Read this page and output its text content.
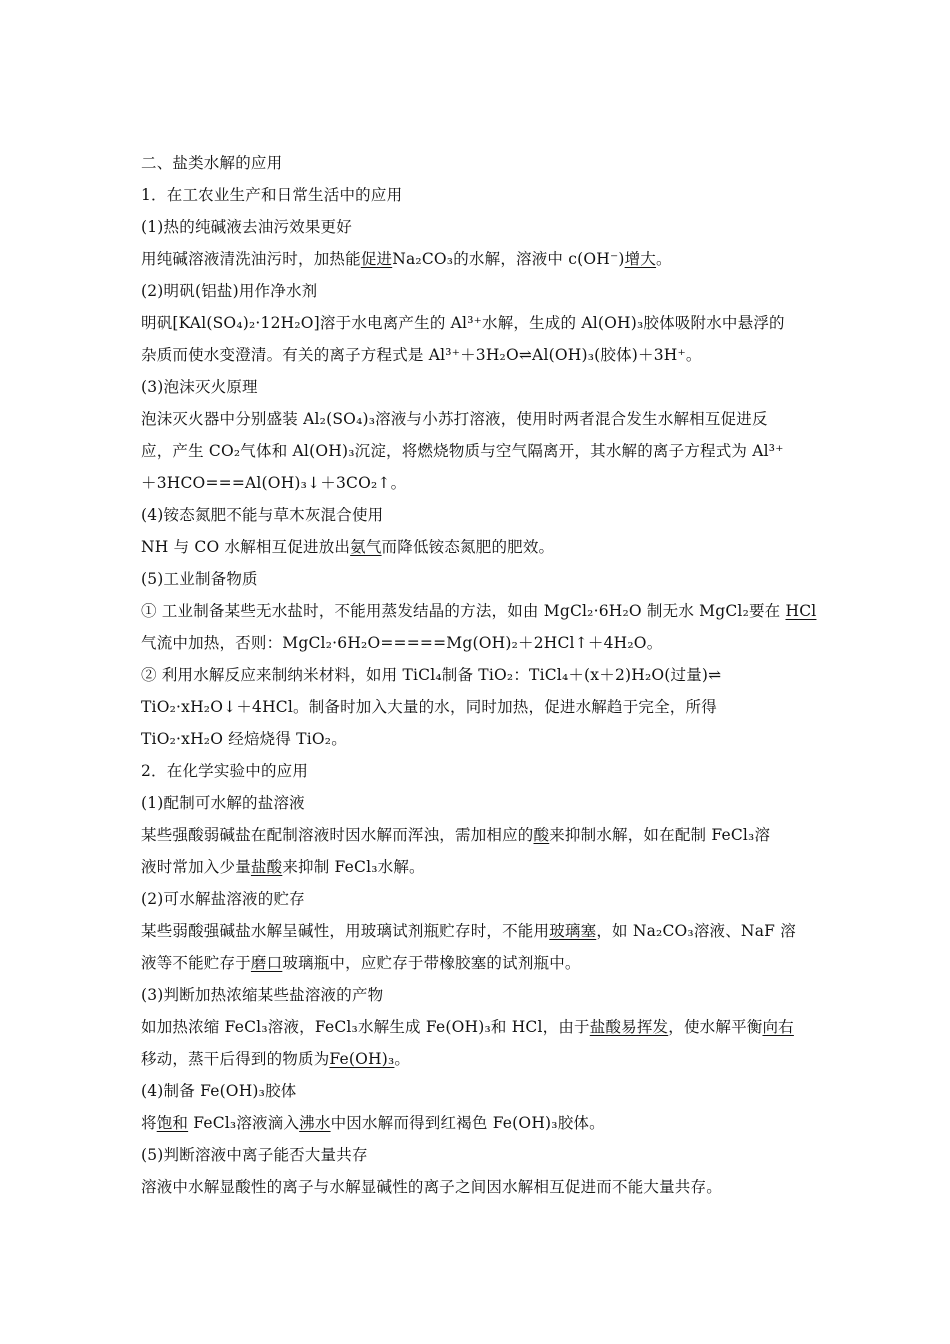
二、盐类水解的应用
1．在工农业生产和日常生活中的应用
(1)热的纯碱液去油污效果更好
用纯碱溶液清洗油污时，加热能促进Na₂CO₃的水解，溶液中 c(OH⁻)增大。
(2)明矾(铝盐)用作净水剂
明矾[KAl(SO₄)₂·12H₂O]溶于水电离产生的 Al³⁺水解，生成的 Al(OH)₃胶体吸附水中悬浮的
杂质而使水变澄清。有关的离子方程式是 Al³⁺＋3H₂O⇌Al(OH)₃(胶体)＋3H⁺。
(3)泡沫灭火原理
泡沫灭火器中分别盛装 Al₂(SO₄)₃溶液与小苏打溶液，使用时两者混合发生水解相互促进反
应，产生 CO₂气体和 Al(OH)₃沉淀，将燃烧物质与空气隔离开，其水解的离子方程式为 Al³⁺
＋3HCO===Al(OH)₃↓＋3CO₂↑。
(4)铵态氮肥不能与草木灰混合使用
NH 与 CO 水解相互促进放出氨气而降低铵态氮肥的肥效。
(5)工业制备物质
① 工业制备某些无水盐时，不能用蒸发结晶的方法，如由 MgCl₂·6H₂O 制无水 MgCl₂要在 HCl
气流中加热，否则：MgCl₂·6H₂O=====Mg(OH)₂＋2HCl↑＋4H₂O。
② 利用水解反应来制纳米材料，如用 TiCl₄制备 TiO₂：TiCl₄＋(x＋2)H₂O(过量)⇌
TiO₂·xH₂O↓＋4HCl。制备时加入大量的水，同时加热，促进水解趋于完全，所得
TiO₂·xH₂O 经焙烧得 TiO₂。
2．在化学实验中的应用
(1)配制可水解的盐溶液
某些强酸弱碱盐在配制溶液时因水解而浑浊，需加相应的酸来抑制水解，如在配制 FeCl₃溶
液时常加入少量盐酸来抑制 FeCl₃水解。
(2)可水解盐溶液的贮存
某些弱酸强碱盐水解呈碱性，用玻璃试剂瓶贮存时，不能用玻璃塞，如 Na₂CO₃溶液、NaF 溶
液等不能贮存于磨口玻璃瓶中，应贮存于带橡胶塞的试剂瓶中。
(3)判断加热浓缩某些盐溶液的产物
如加热浓缩 FeCl₃溶液，FeCl₃水解生成 Fe(OH)₃和 HCl，由于盐酸易挥发，使水解平衡向右
移动，蒸干后得到的物质为Fe(OH)₃。
(4)制备 Fe(OH)₃胶体
将饱和 FeCl₃溶液滴入沸水中因水解而得到红褐色 Fe(OH)₃胶体。
(5)判断溶液中离子能否大量共存
溶液中水解显酸性的离子与水解显碱性的离子之间因水解相互促进而不能大量共存。
